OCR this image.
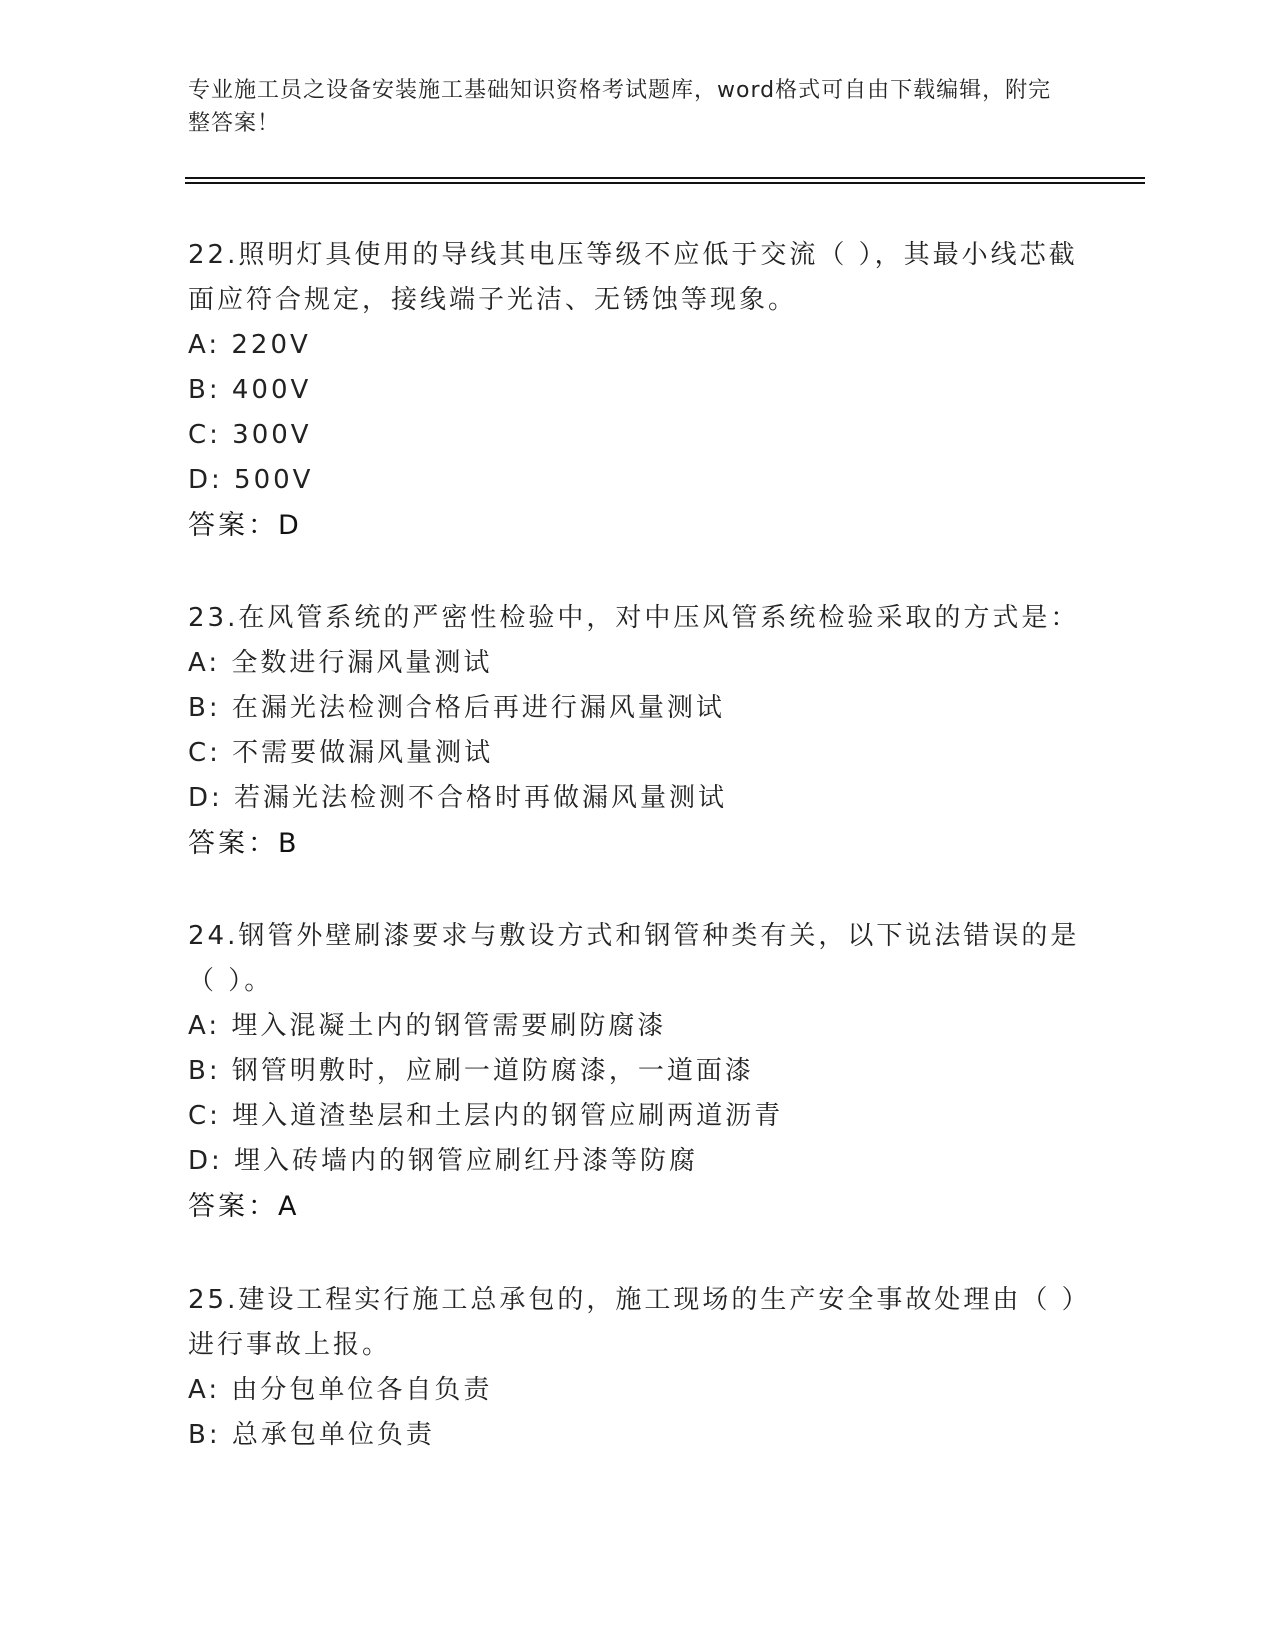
专业施工员之设备安装施工基础知识资格考试题库，word格式可自由下载编辑，附完整答案！

22.照明灯具使用的导线其电压等级不应低于交流（ ），其最小线芯截面应符合规定，接线端子光洁、无锈蚀等现象。

A: 220V
B: 400V
C: 300V
D: 500V
答案：D

23.在风管系统的严密性检验中，对中压风管系统检验采取的方式是：

A: 全数进行漏风量测试
B: 在漏光法检测合格后再进行漏风量测试
C: 不需要做漏风量测试
D: 若漏光法检测不合格时再做漏风量测试
答案：B

24.钢管外壁刷漆要求与敷设方式和钢管种类有关，以下说法错误的是（ ）。

A: 埋入混凝土内的钢管需要刷防腐漆
B: 钢管明敷时，应刷一道防腐漆，一道面漆
C: 埋入道渣垫层和土层内的钢管应刷两道沥青
D: 埋入砖墙内的钢管应刷红丹漆等防腐
答案：A

25.建设工程实行施工总承包的，施工现场的生产安全事故处理由（ ）进行事故上报。

A: 由分包单位各自负责
B: 总承包单位负责
